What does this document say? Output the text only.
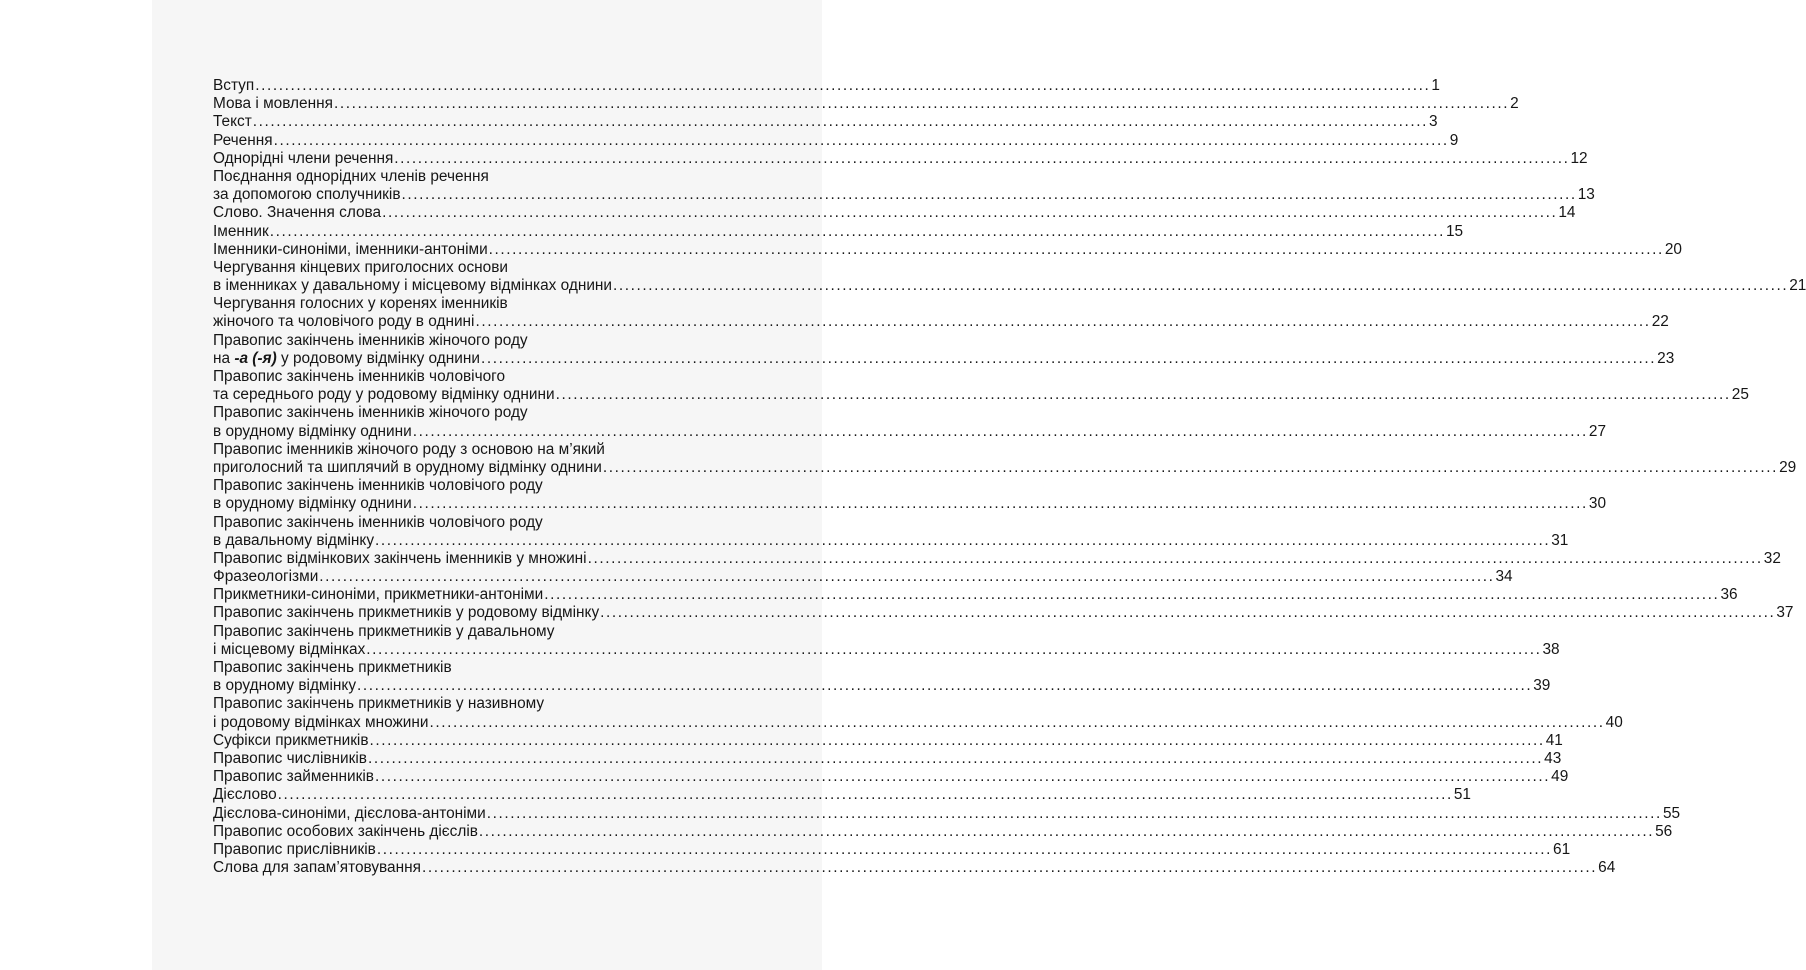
Вступ ........................................................................................................................................................................................................ 1
Мова і мовлення ........................................................................................................................................................................................................ 2
Текст ........................................................................................................................................................................................................ 3
Речення ........................................................................................................................................................................................................ 9
Однорідні члени речення ........................................................................................................................................................................................................ 12
Поєднання однорідних членів речення
за допомогою сполучників ........................................................................................................................................................................................................ 13
Слово. Значення слова ........................................................................................................................................................................................................ 14
Іменник ........................................................................................................................................................................................................ 15
Іменники-синоніми, іменники-антоніми ........................................................................................................................................................................................................ 20
Чергування кінцевих приголосних основи
в іменниках у давальному і місцевому відмінках однини ........................................................................................................................................................................................................ 21
Чергування голосних у коренях іменників
жіночого та чоловічого роду в однині ........................................................................................................................................................................................................ 22
Правопис закінчень іменників жіночого роду
на -а (-я) у родовому відмінку однини ........................................................................................................................................................................................................ 23
Правопис закінчень іменників чоловічого
та середнього роду у родовому відмінку однини ........................................................................................................................................................................................................ 25
Правопис закінчень іменників жіночого роду
в орудному відмінку однини ........................................................................................................................................................................................................ 27
Правопис іменників жіночого роду з основою на м’який
приголосний та шиплячий в орудному відмінку однини ........................................................................................................................................................................................................ 29
Правопис закінчень іменників чоловічого роду
в орудному відмінку однини ........................................................................................................................................................................................................ 30
Правопис закінчень іменників чоловічого роду
в давальному відмінку ........................................................................................................................................................................................................ 31
Правопис відмінкових закінчень іменників у множині ........................................................................................................................................................................................................ 32
Фразеологізми ........................................................................................................................................................................................................ 34
Прикметники-синоніми, прикметники-антоніми ........................................................................................................................................................................................................ 36
Правопис закінчень прикметників у родовому відмінку ........................................................................................................................................................................................................ 37
Правопис закінчень прикметників у давальному
і місцевому відмінках ........................................................................................................................................................................................................ 38
Правопис закінчень прикметників
в орудному відмінку ........................................................................................................................................................................................................ 39
Правопис закінчень прикметників у називному
і родовому відмінках множини ........................................................................................................................................................................................................ 40
Суфікси прикметників ........................................................................................................................................................................................................ 41
Правопис числівників ........................................................................................................................................................................................................ 43
Правопис займенників ........................................................................................................................................................................................................ 49
Дієслово ........................................................................................................................................................................................................ 51
Дієслова-синоніми, дієслова-антоніми ........................................................................................................................................................................................................ 55
Правопис особових закінчень дієслів ........................................................................................................................................................................................................ 56
Правопис прислівників ........................................................................................................................................................................................................ 61
Слова для запам’ятовування ........................................................................................................................................................................................................ 64
